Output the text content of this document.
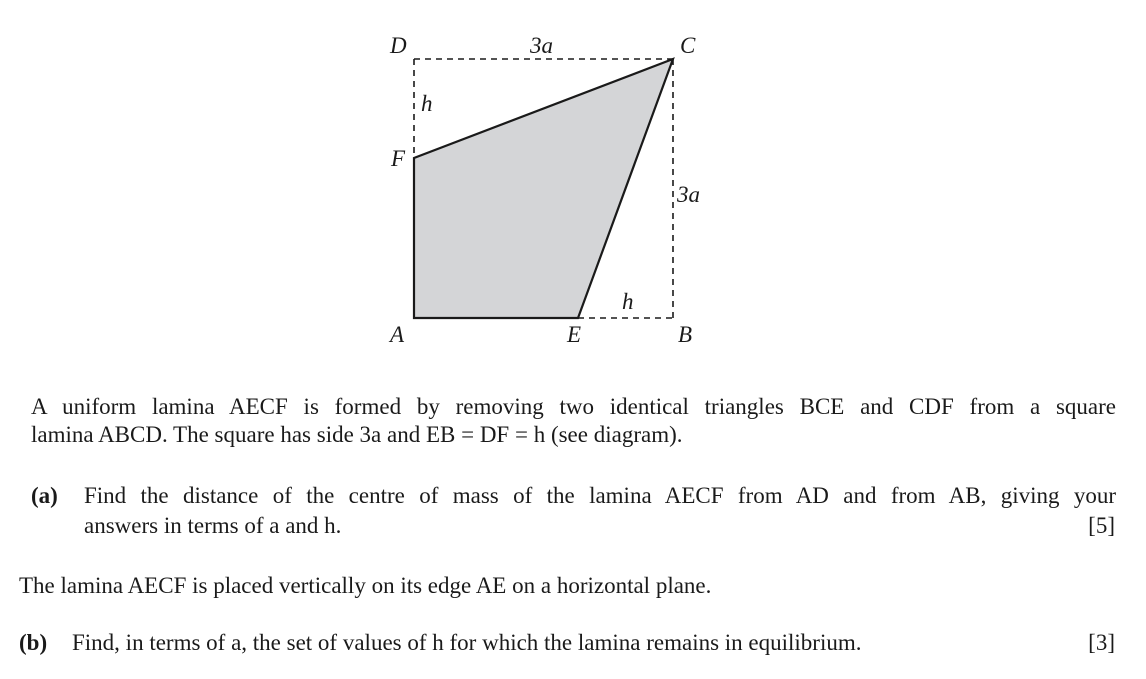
D	3a	C
h
F
3a
h
A	E	B

A uniform lamina AECF is formed by removing two identical triangles BCE and CDF from a square

lamina ABCD. The square has side 3a and EB = DF = h (see diagram).

(a) Find the distance of the centre of mass of the lamina AECF from AD and from AB, giving your
answers in terms of a and h.	[5]
The lamina AECF is placed vertically on its edge AE on a horizontal plane.
(b) Find, in terms of a, the set of values of h for which the lamina remains in equilibrium.	[3]
